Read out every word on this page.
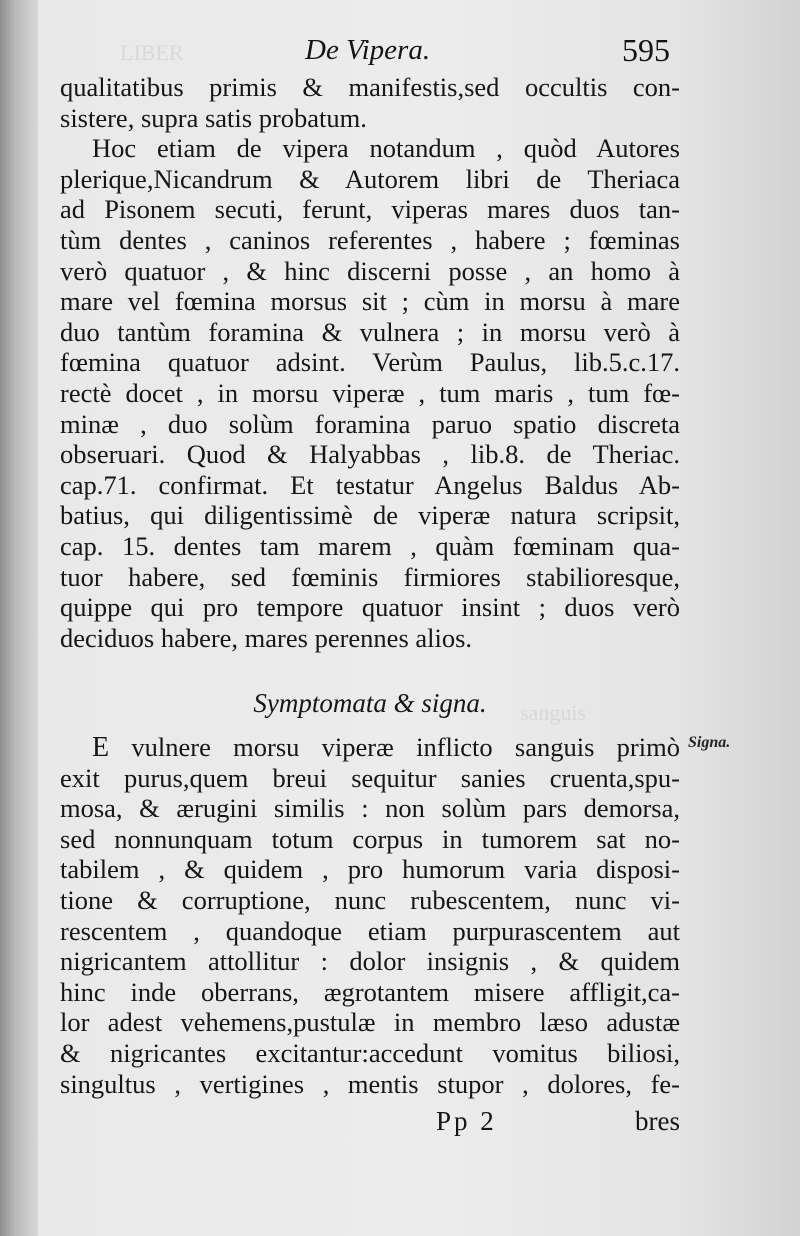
LIBER
sanguis
De Vipera.	595
qualitatibus primis & manifestis,sed occultis con-
sistere, supra satis probatum.
Hoc etiam de vipera notandum , quòd Autores
plerique,Nicandrum & Autorem libri de Theriaca
ad Pisonem secuti, ferunt, viperas mares duos tan-
tùm dentes , caninos referentes , habere ; fœminas
verò quatuor , & hinc discerni posse , an homo à
mare vel fœmina morsus sit ; cùm in morsu à mare
duo tantùm foramina & vulnera ; in morsu verò à
fœmina quatuor adsint. Verùm Paulus, lib.5.c.17.
rectè docet , in morsu viperæ , tum maris , tum fœ-
minæ , duo solùm foramina paruo spatio discreta
obseruari. Quod & Halyabbas , lib.8. de Theriac.
cap.71. confirmat. Et testatur Angelus Baldus Ab-
batius, qui diligentissimè de viperæ natura scripsit,
cap. 15. dentes tam marem , quàm fœminam qua-
tuor habere, sed fœminis firmiores stabilioresque,
quippe qui pro tempore quatuor insint ; duos verò
deciduos habere, mares perennes alios.
Symptomata & signa.
Signa.
E vulnere morsu viperæ inflicto sanguis primò
exit purus,quem breui sequitur sanies cruenta,spu-
mosa, & ærugini similis : non solùm pars demorsa,
sed nonnunquam totum corpus in tumorem sat no-
tabilem , & quidem , pro humorum varia disposi-
tione & corruptione, nunc rubescentem, nunc vi-
rescentem , quandoque etiam purpurascentem aut
nigricantem attollitur : dolor insignis , & quidem
hinc inde oberrans, ægrotantem misere affligit,ca-
lor adest vehemens,pustulæ in membro læso adustæ
& nigricantes excitantur:accedunt vomitus biliosi,
singultus , vertigines , mentis stupor , dolores, fe-
Pp 2	bres
